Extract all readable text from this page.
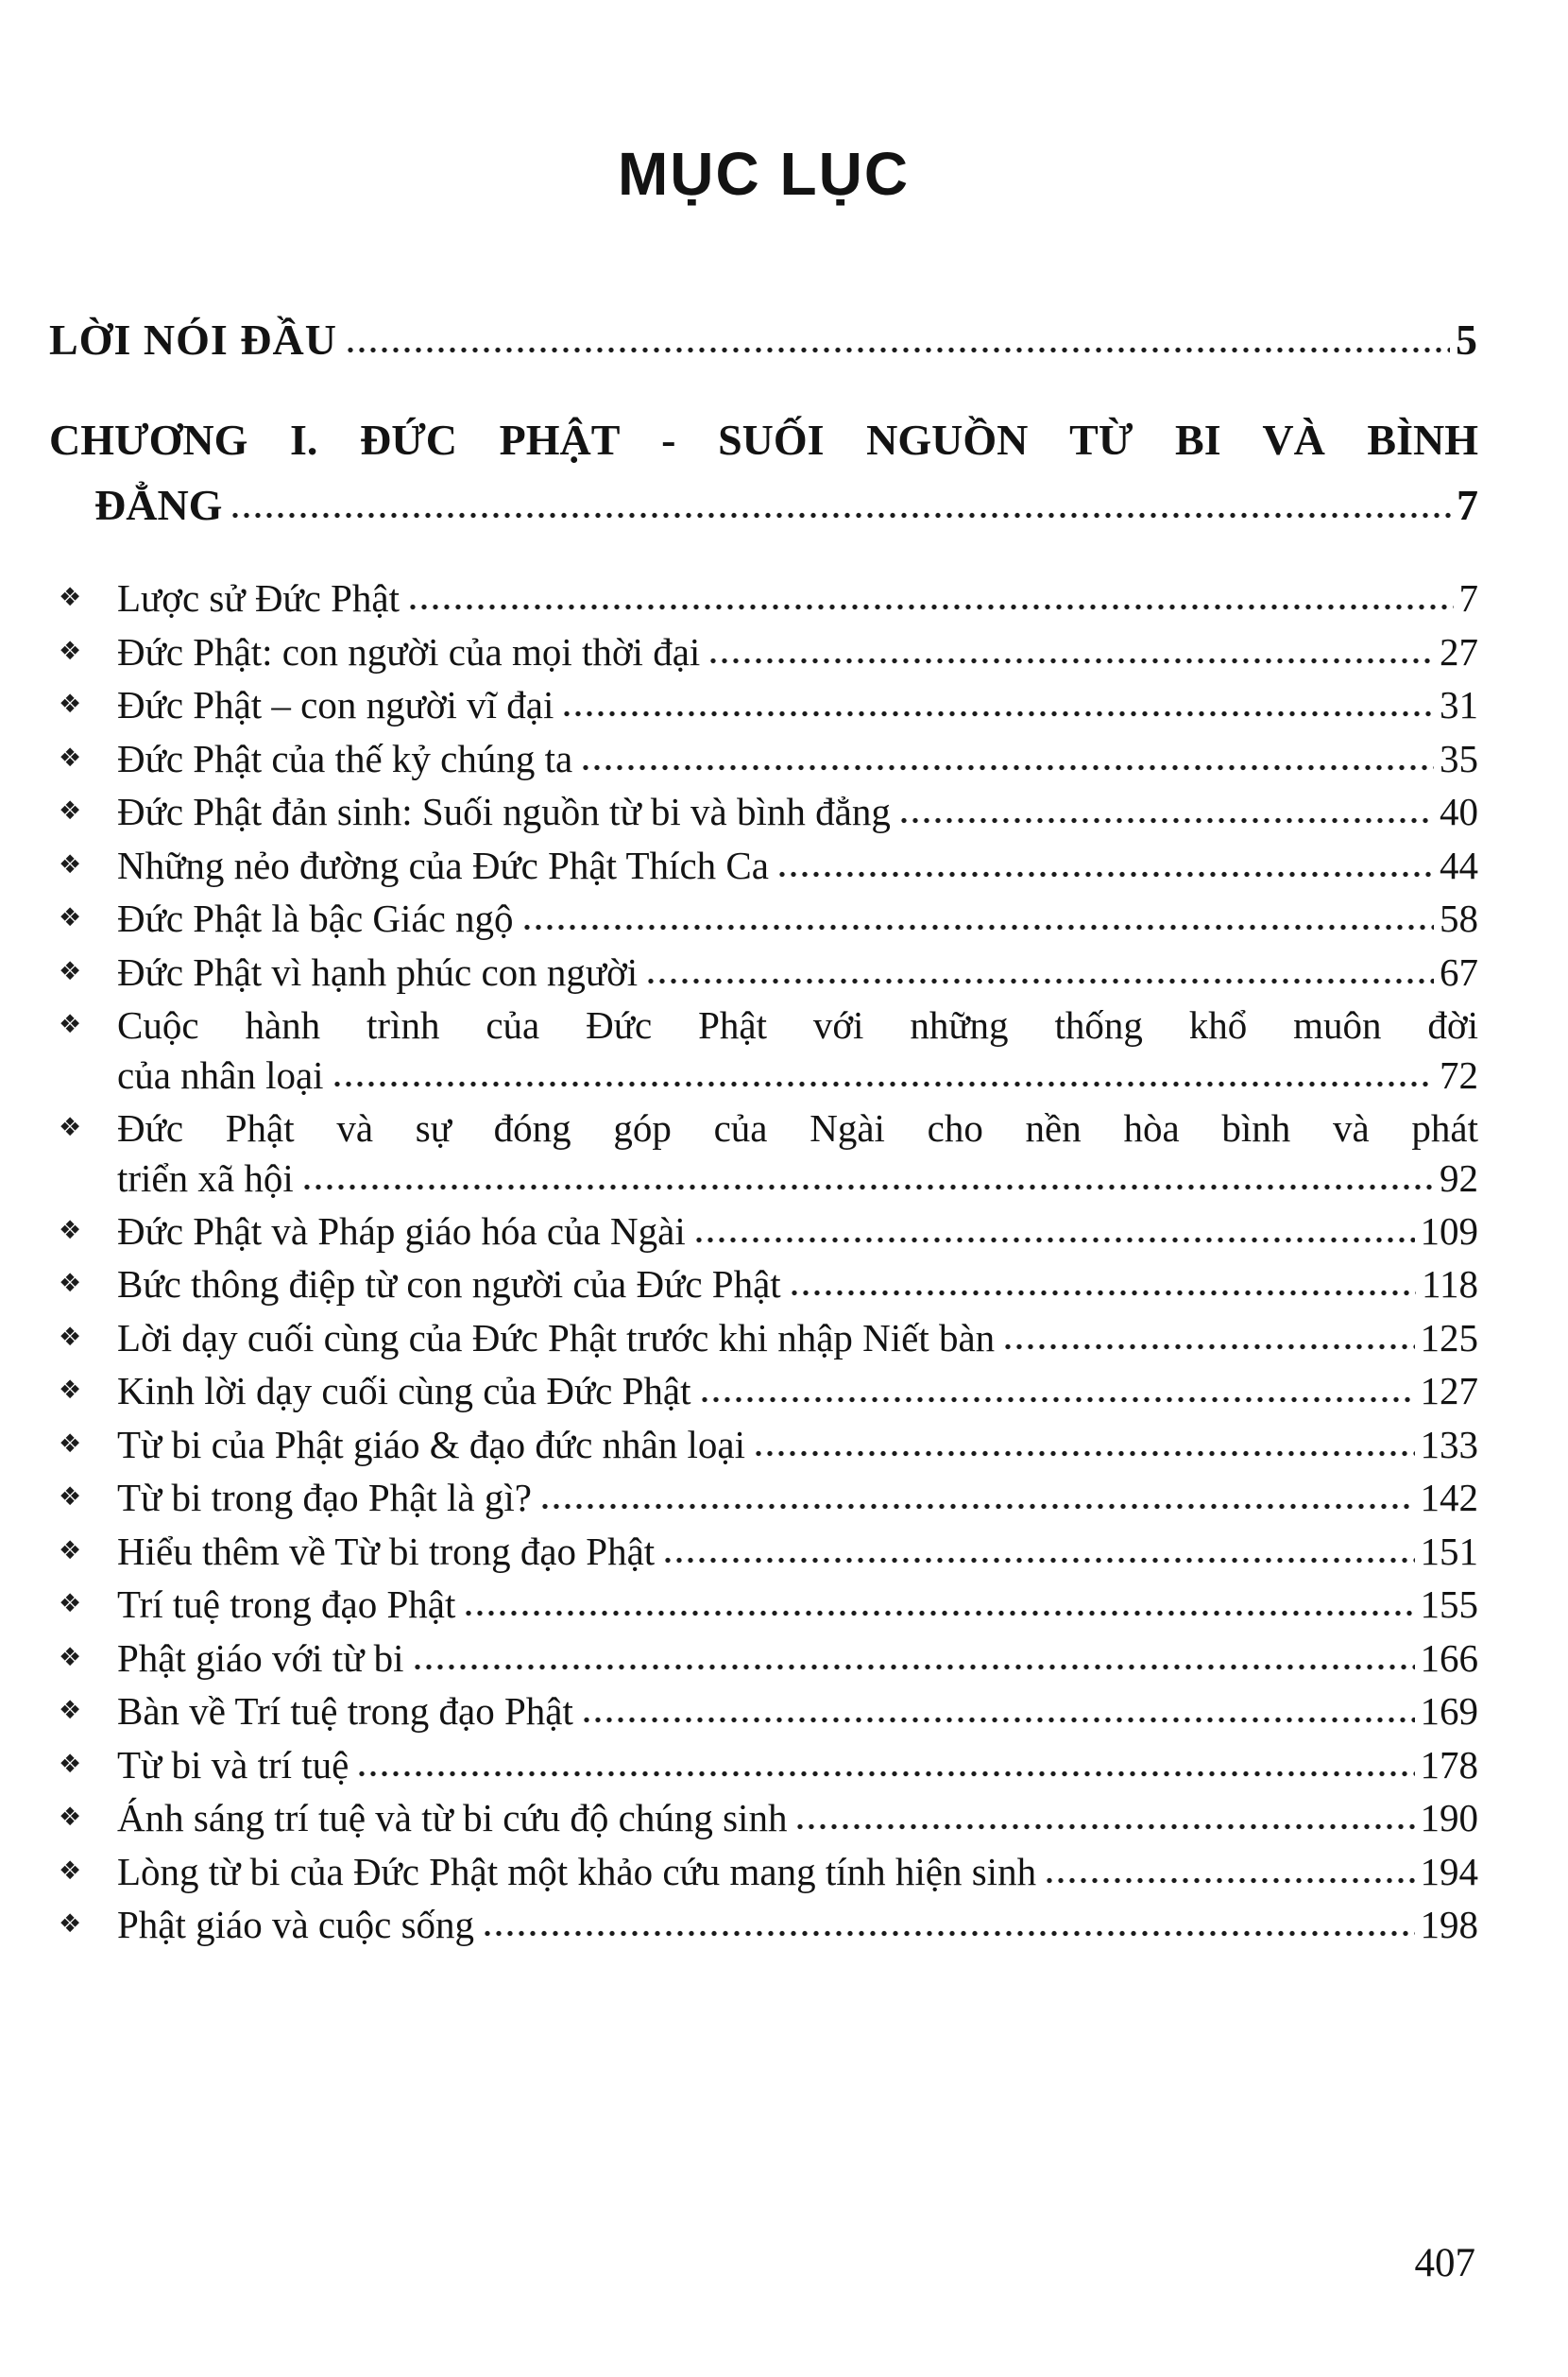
MỤC LỤC
LỜI NÓI ĐẦU	5
CHƯƠNG I. ĐỨC PHẬT - SUỐI NGUỒN TỪ BI VÀ BÌNH
ĐẲNG	7
❖ Lược sử Đức Phật	7
❖ Đức Phật: con người của mọi thời đại	27
❖ Đức Phật – con người vĩ đại	31
❖ Đức Phật của thế kỷ chúng ta	35
❖ Đức Phật đản sinh: Suối nguồn từ bi và bình đẳng	40
❖ Những nẻo đường của Đức Phật Thích Ca	44
❖ Đức Phật là bậc Giác ngộ	58
❖ Đức Phật vì hạnh phúc con người	67
❖ Cuộc hành trình của Đức Phật với những thống khổ muôn đời
của nhân loại	72
❖ Đức Phật và sự đóng góp của Ngài cho nền hòa bình và phát
triển xã hội	92
❖ Đức Phật và Pháp giáo hóa của Ngài	109
❖ Bức thông điệp từ con người của Đức Phật	118
❖ Lời dạy cuối cùng của Đức Phật trước khi nhập Niết bàn	125
❖ Kinh lời dạy cuối cùng của Đức Phật	127
❖ Từ bi của Phật giáo & đạo đức nhân loại	133
❖ Từ bi trong đạo Phật là gì?	142
❖ Hiểu thêm về Từ bi trong đạo Phật	151
❖ Trí tuệ trong đạo Phật	155
❖ Phật giáo với từ bi	166
❖ Bàn về Trí tuệ trong đạo Phật	169
❖ Từ bi và trí tuệ	178
❖ Ánh sáng trí tuệ và từ bi cứu độ chúng sinh	190
❖ Lòng từ bi của Đức Phật một khảo cứu mang tính hiện sinh	194
❖ Phật giáo và cuộc sống	198
407
